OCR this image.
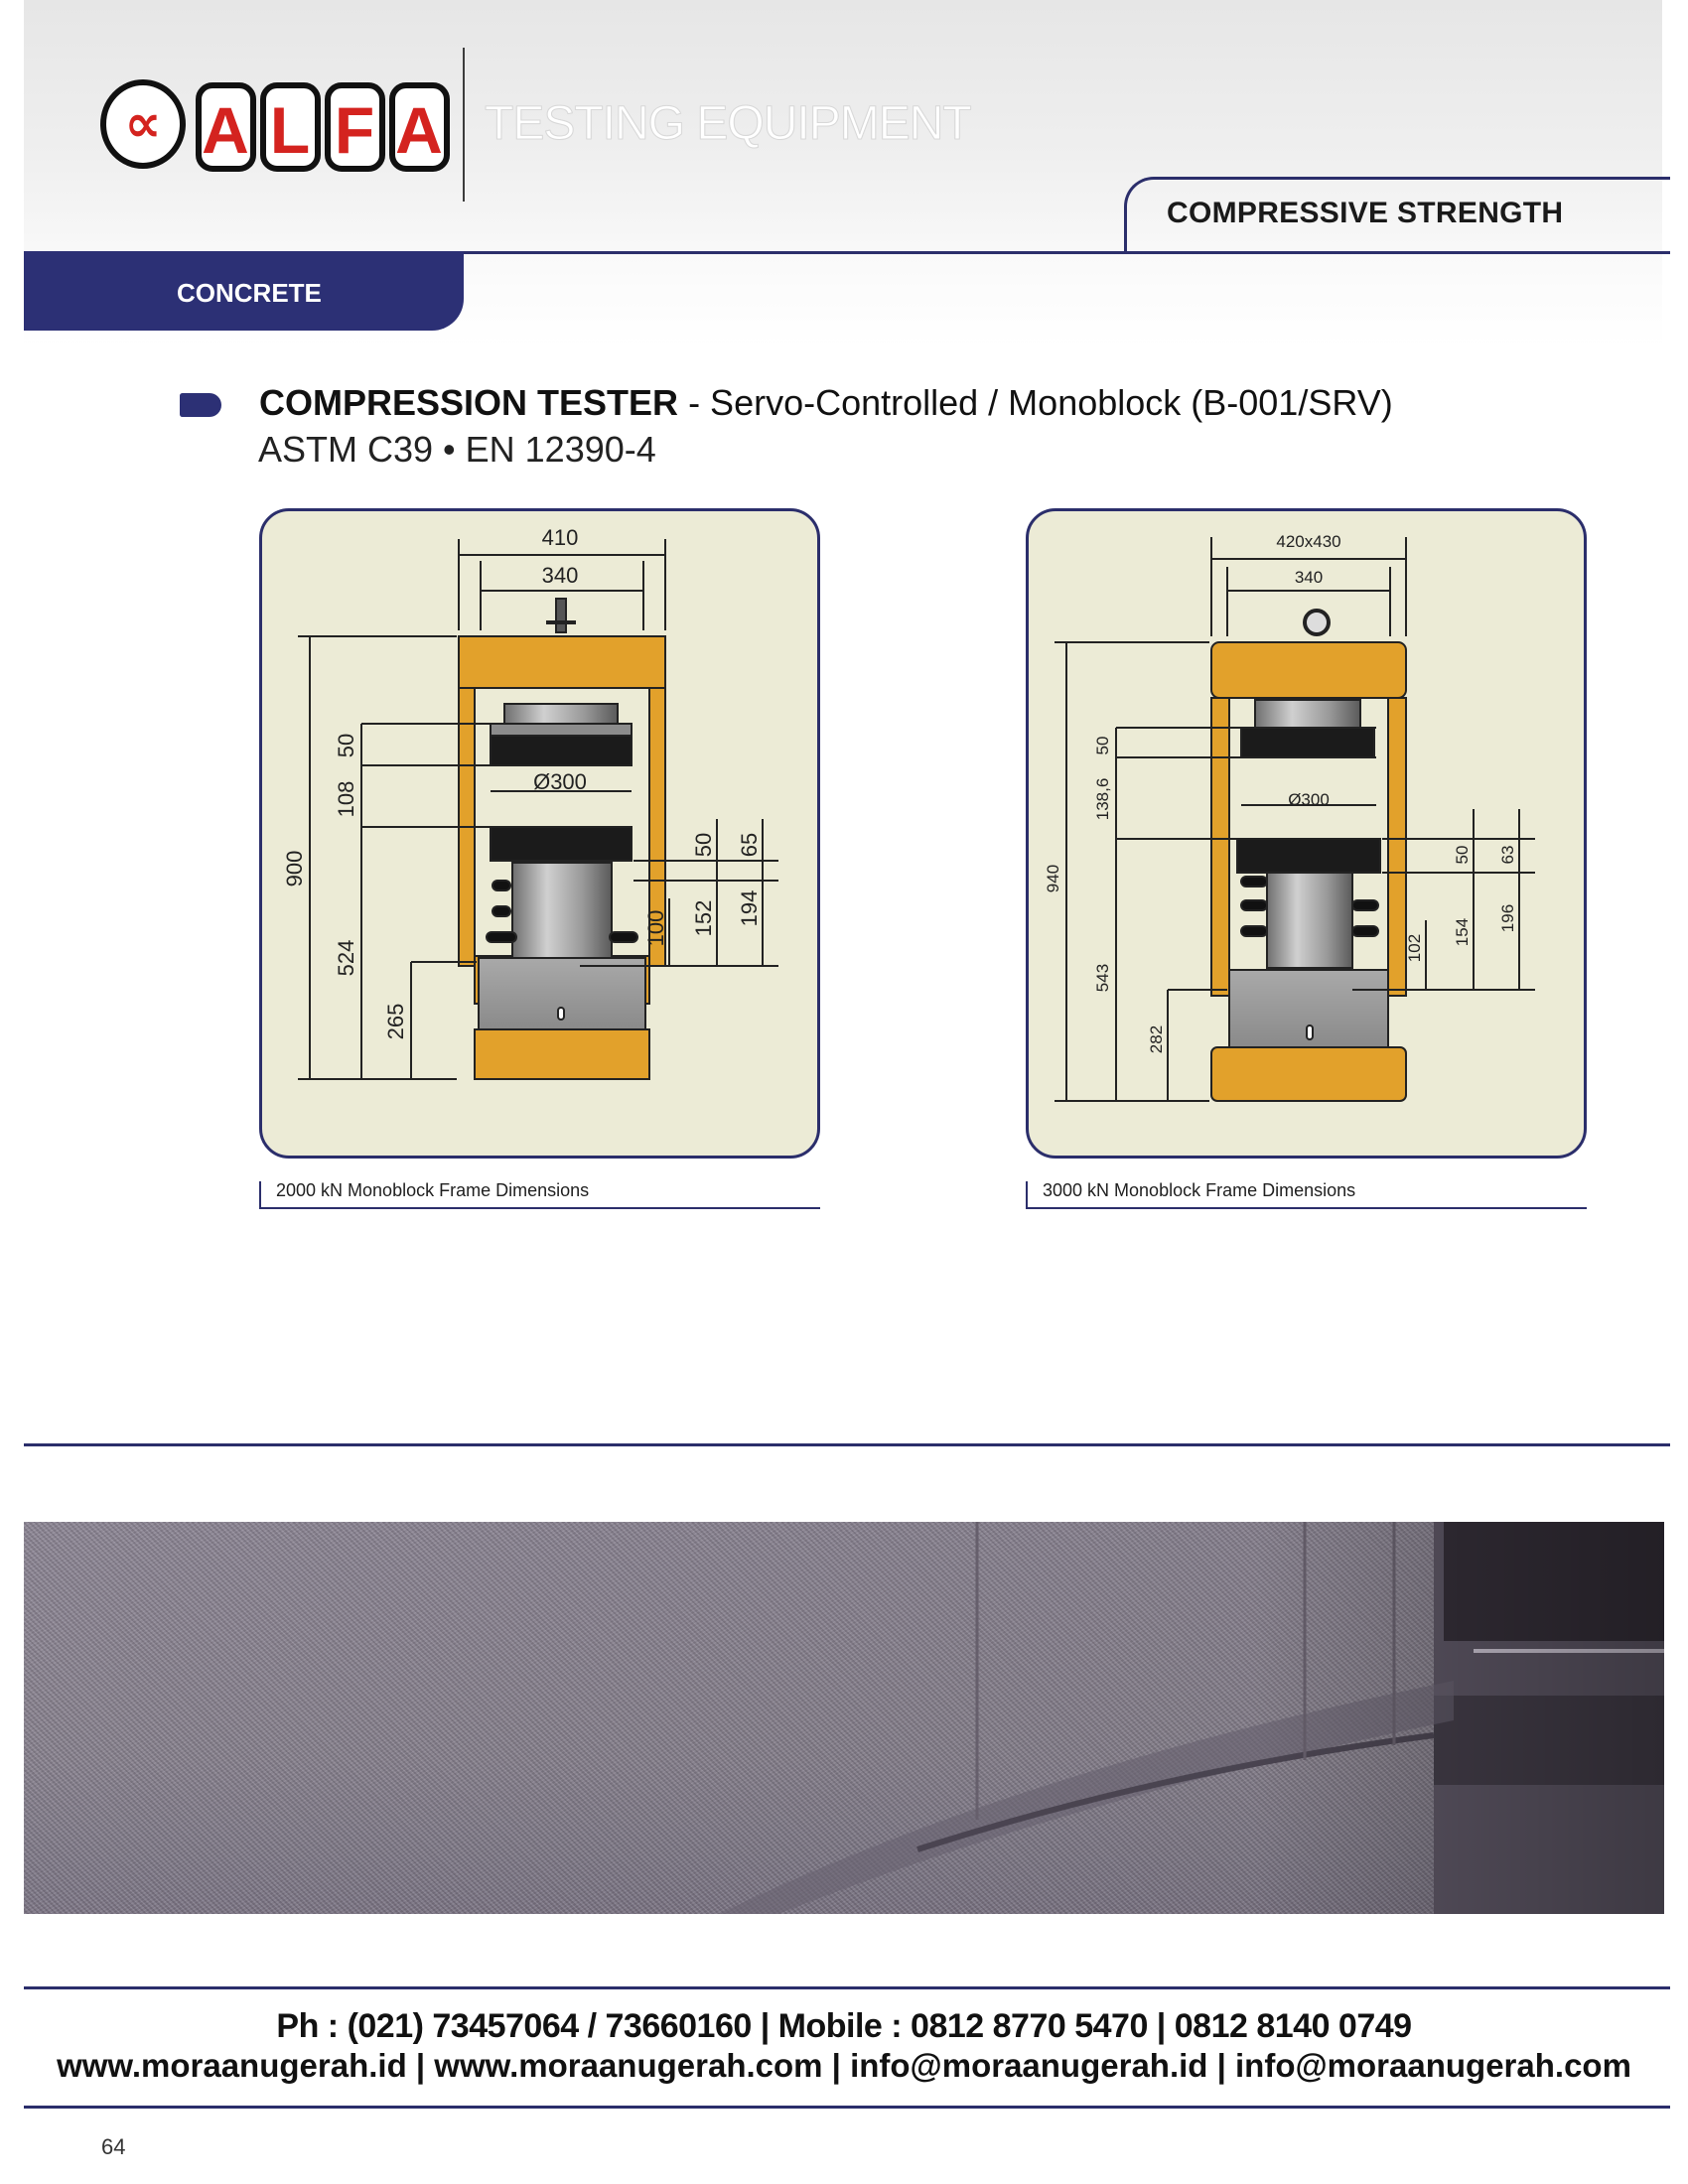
∝ A L F A TESTING EQUIPMENT
COMPRESSIVE STRENGTH
CONCRETE
COMPRESSION TESTER - Servo-Controlled / Monoblock (B-001/SRV)
ASTM C39 • EN 12390-4
410
340
Ø300
900
108
50
524
265
50 65
100 152 194
2000 kN Monoblock Frame Dimensions
420x430
340
Ø300
940
138,6
50
543
282
50 63
102
154 196
3000 kN Monoblock Frame Dimensions
Ph : (021) 73457064 / 73660160 | Mobile : 0812 8770 5470 | 0812 8140 0749
www.moraanugerah.id | www.moraanugerah.com | info@moraanugerah.id | info@moraanugerah.com
64
